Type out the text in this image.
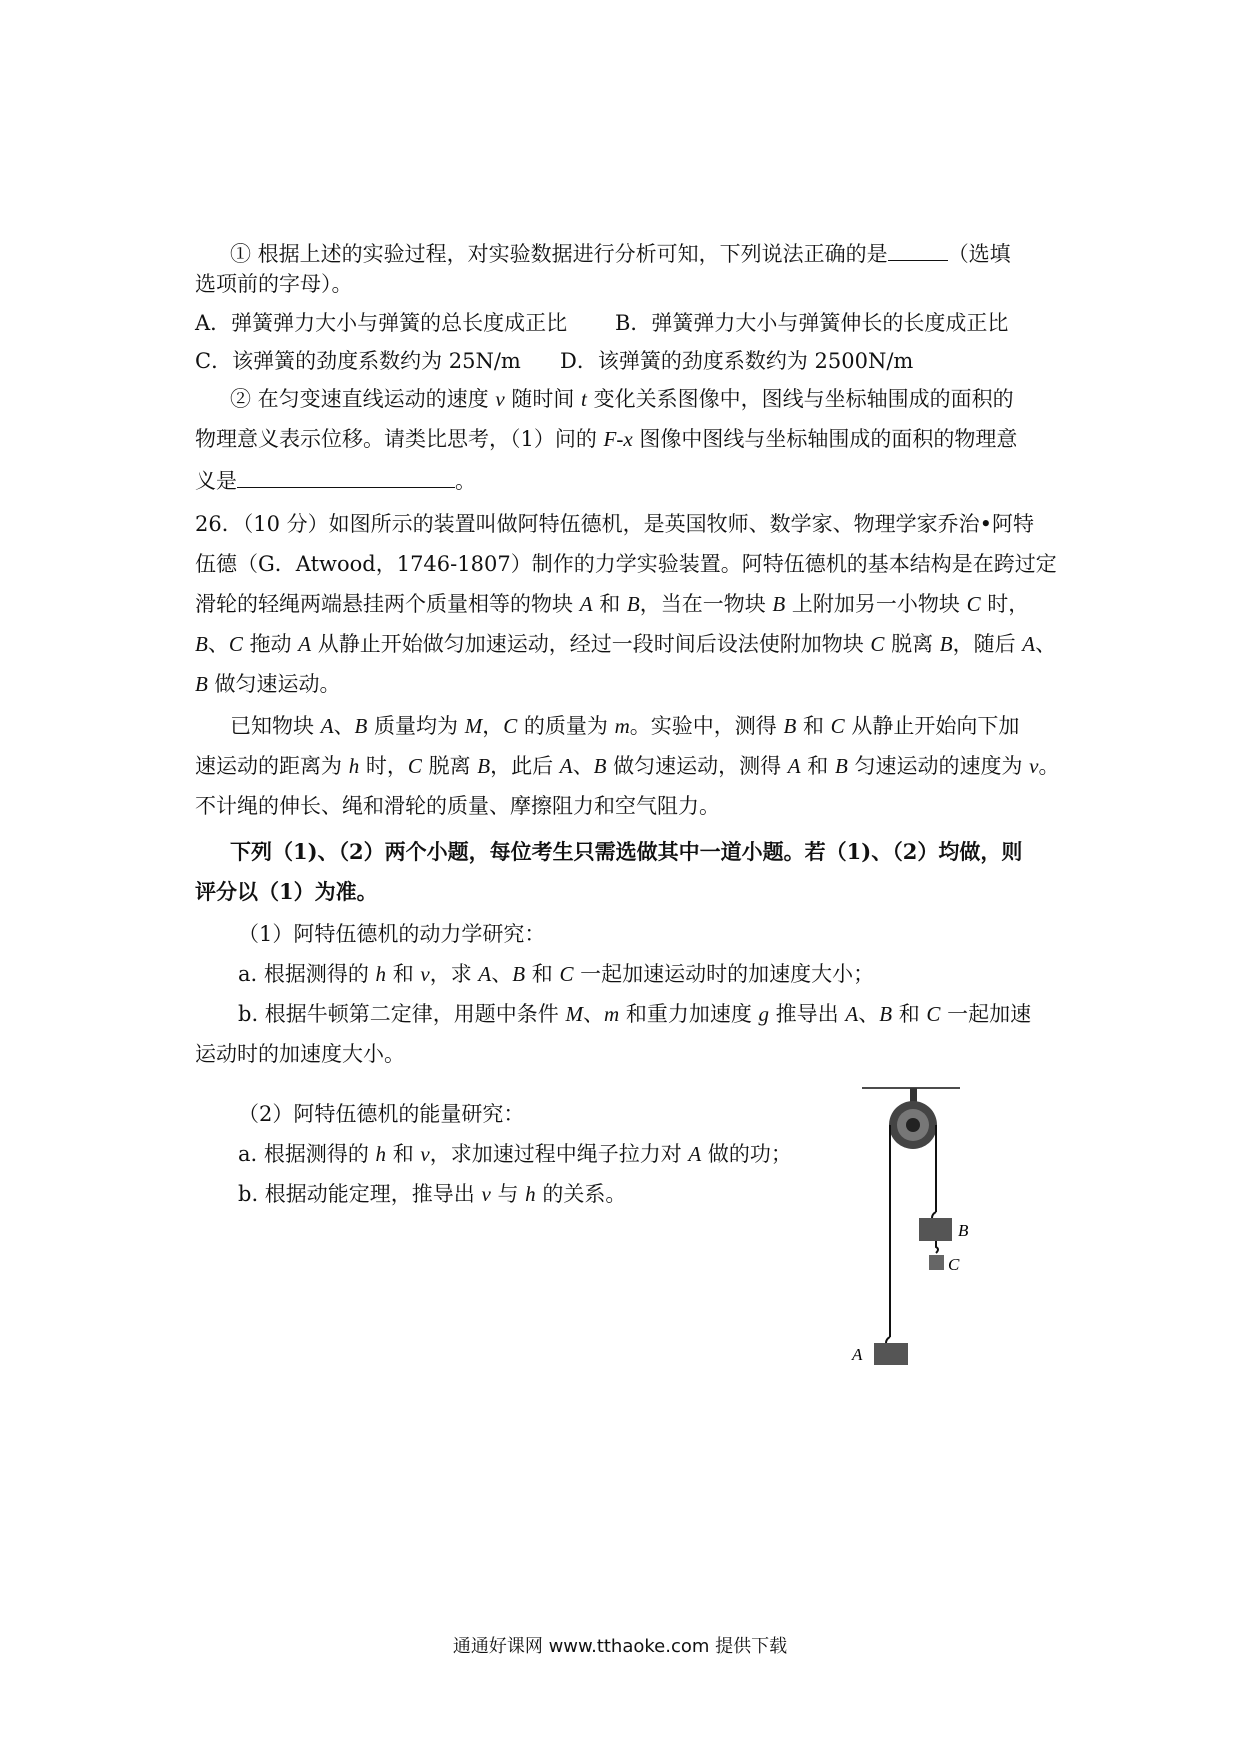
① 根据上述的实验过程，对实验数据进行分析可知，下列说法正确的是	（选填
选项前的字母）。
A．弹簧弹力大小与弹簧的总长度成正比 B．弹簧弹力大小与弹簧伸长的长度成正比
C．该弹簧的劲度系数约为 25N/m D．该弹簧的劲度系数约为 2500N/m
② 在匀变速直线运动的速度 v 随时间 t 变化关系图像中，图线与坐标轴围成的面积的
物理意义表示位移。请类比思考，（1）问的 F-x 图像中图线与坐标轴围成的面积的物理意
义是	。
26．（10 分）如图所示的装置叫做阿特伍德机，是英国牧师、数学家、物理学家乔治•阿特
伍德（G．Atwood，1746-1807）制作的力学实验装置。阿特伍德机的基本结构是在跨过定
滑轮的轻绳两端悬挂两个质量相等的物块 A 和 B，当在一物块 B 上附加另一小物块 C 时，
B、C 拖动 A 从静止开始做匀加速运动，经过一段时间后设法使附加物块 C 脱离 B，随后 A、
B 做匀速运动。
已知物块 A、B 质量均为 M，C 的质量为 m。实验中，测得 B 和 C 从静止开始向下加
速运动的距离为 h 时，C 脱离 B，此后 A、B 做匀速运动，测得 A 和 B 匀速运动的速度为 v。
不计绳的伸长、绳和滑轮的质量、摩擦阻力和空气阻力。
下列（1)、（2）两个小题，每位考生只需选做其中一道小题。若（1)、（2）均做，则
评分以（1）为准。
（1）阿特伍德机的动力学研究：
a. 根据测得的 h 和 v，求 A、B 和 C 一起加速运动时的加速度大小；
b. 根据牛顿第二定律，用题中条件 M、m 和重力加速度 g 推导出 A、B 和 C 一起加速
运动时的加速度大小。
（2）阿特伍德机的能量研究：
a. 根据测得的 h 和 v，求加速过程中绳子拉力对 A 做的功；
b. 根据动能定理，推导出 v 与 h 的关系。
B
C
A
通通好课网 www.tthaoke.com 提供下载
